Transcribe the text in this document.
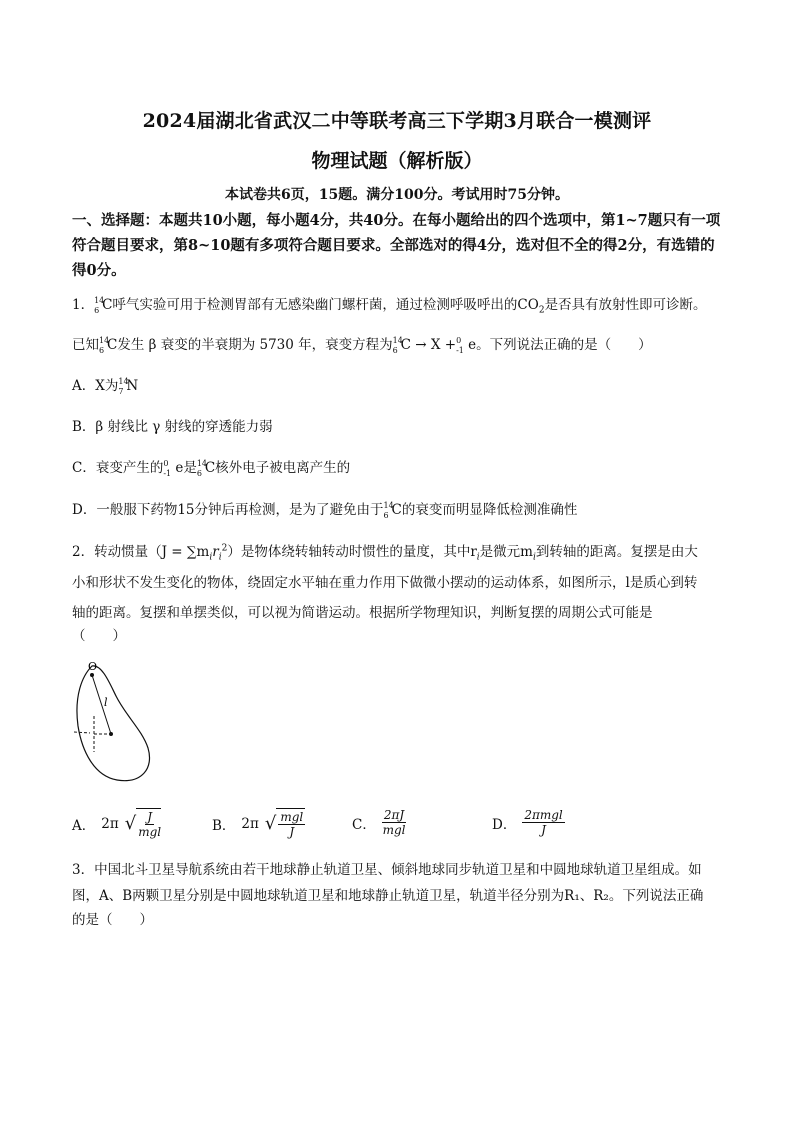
2024届湖北省武汉二中等联考高三下学期3月联合一模测评
物理试题（解析版）
本试卷共6页，15题。满分100分。考试用时75分钟。
一、选择题：本题共10小题，每小题4分，共40分。在每小题给出的四个选项中，第1~7题只有一项符合题目要求，第8~10题有多项符合题目要求。全部选对的得4分，选对但不全的得2分，有选错的得0分。
1． 14
6 C呼气实验可用于检测胃部有无感染幽门螺杆菌，通过检测呼吸呼出的$CO_2$是否具有放射性即可诊断。
已知 14
6 C发生 β 衰变的半衰期为 5730 年，衰变方程为 14
6 C → X + 0
-1 e。下列说法正确的是（　　）
A．X为 14
7 N
B．β 射线比 γ 射线的穿透能力弱
C．衰变产生的 0
-1 e是 14
6 C核外电子被电离产生的
D．一般服下药物15分钟后再检测，是为了避免由于 14
6 C的衰变而明显降低检测准确性
2．转动惯量$(J = \sum m_ir_i^2)$是物体绕转轴转动时惯性的量度，其中$r_i$是微元$m_i$到转轴的距离。复摆是由大
小和形状不发生变化的物体，绕固定水平轴在重力作用下做微小摆动的运动体系，如图所示，l是质心到转
轴的距离。复摆和单摆类似，可以视为简谐运动。根据所学物理知识，判断复摆的周期公式可能是
（　　）
O
l
A． 2π √ $\frac{J}{\text{mgl}}$	B． 2π √ $\frac{\text{mgl}}{J}$	C． $\frac{2\pi J}{\text{mgl}}$	D． $\frac{\text{2πmgl}}{J}$
3．中国北斗卫星导航系统由若干地球静止轨道卫星、倾斜地球同步轨道卫星和中圆地球轨道卫星组成。如
图，A、B两颗卫星分别是中圆地球轨道卫星和地球静止轨道卫星，轨道半径分别为R₁、R₂。下列说法正确
的是（　　）
